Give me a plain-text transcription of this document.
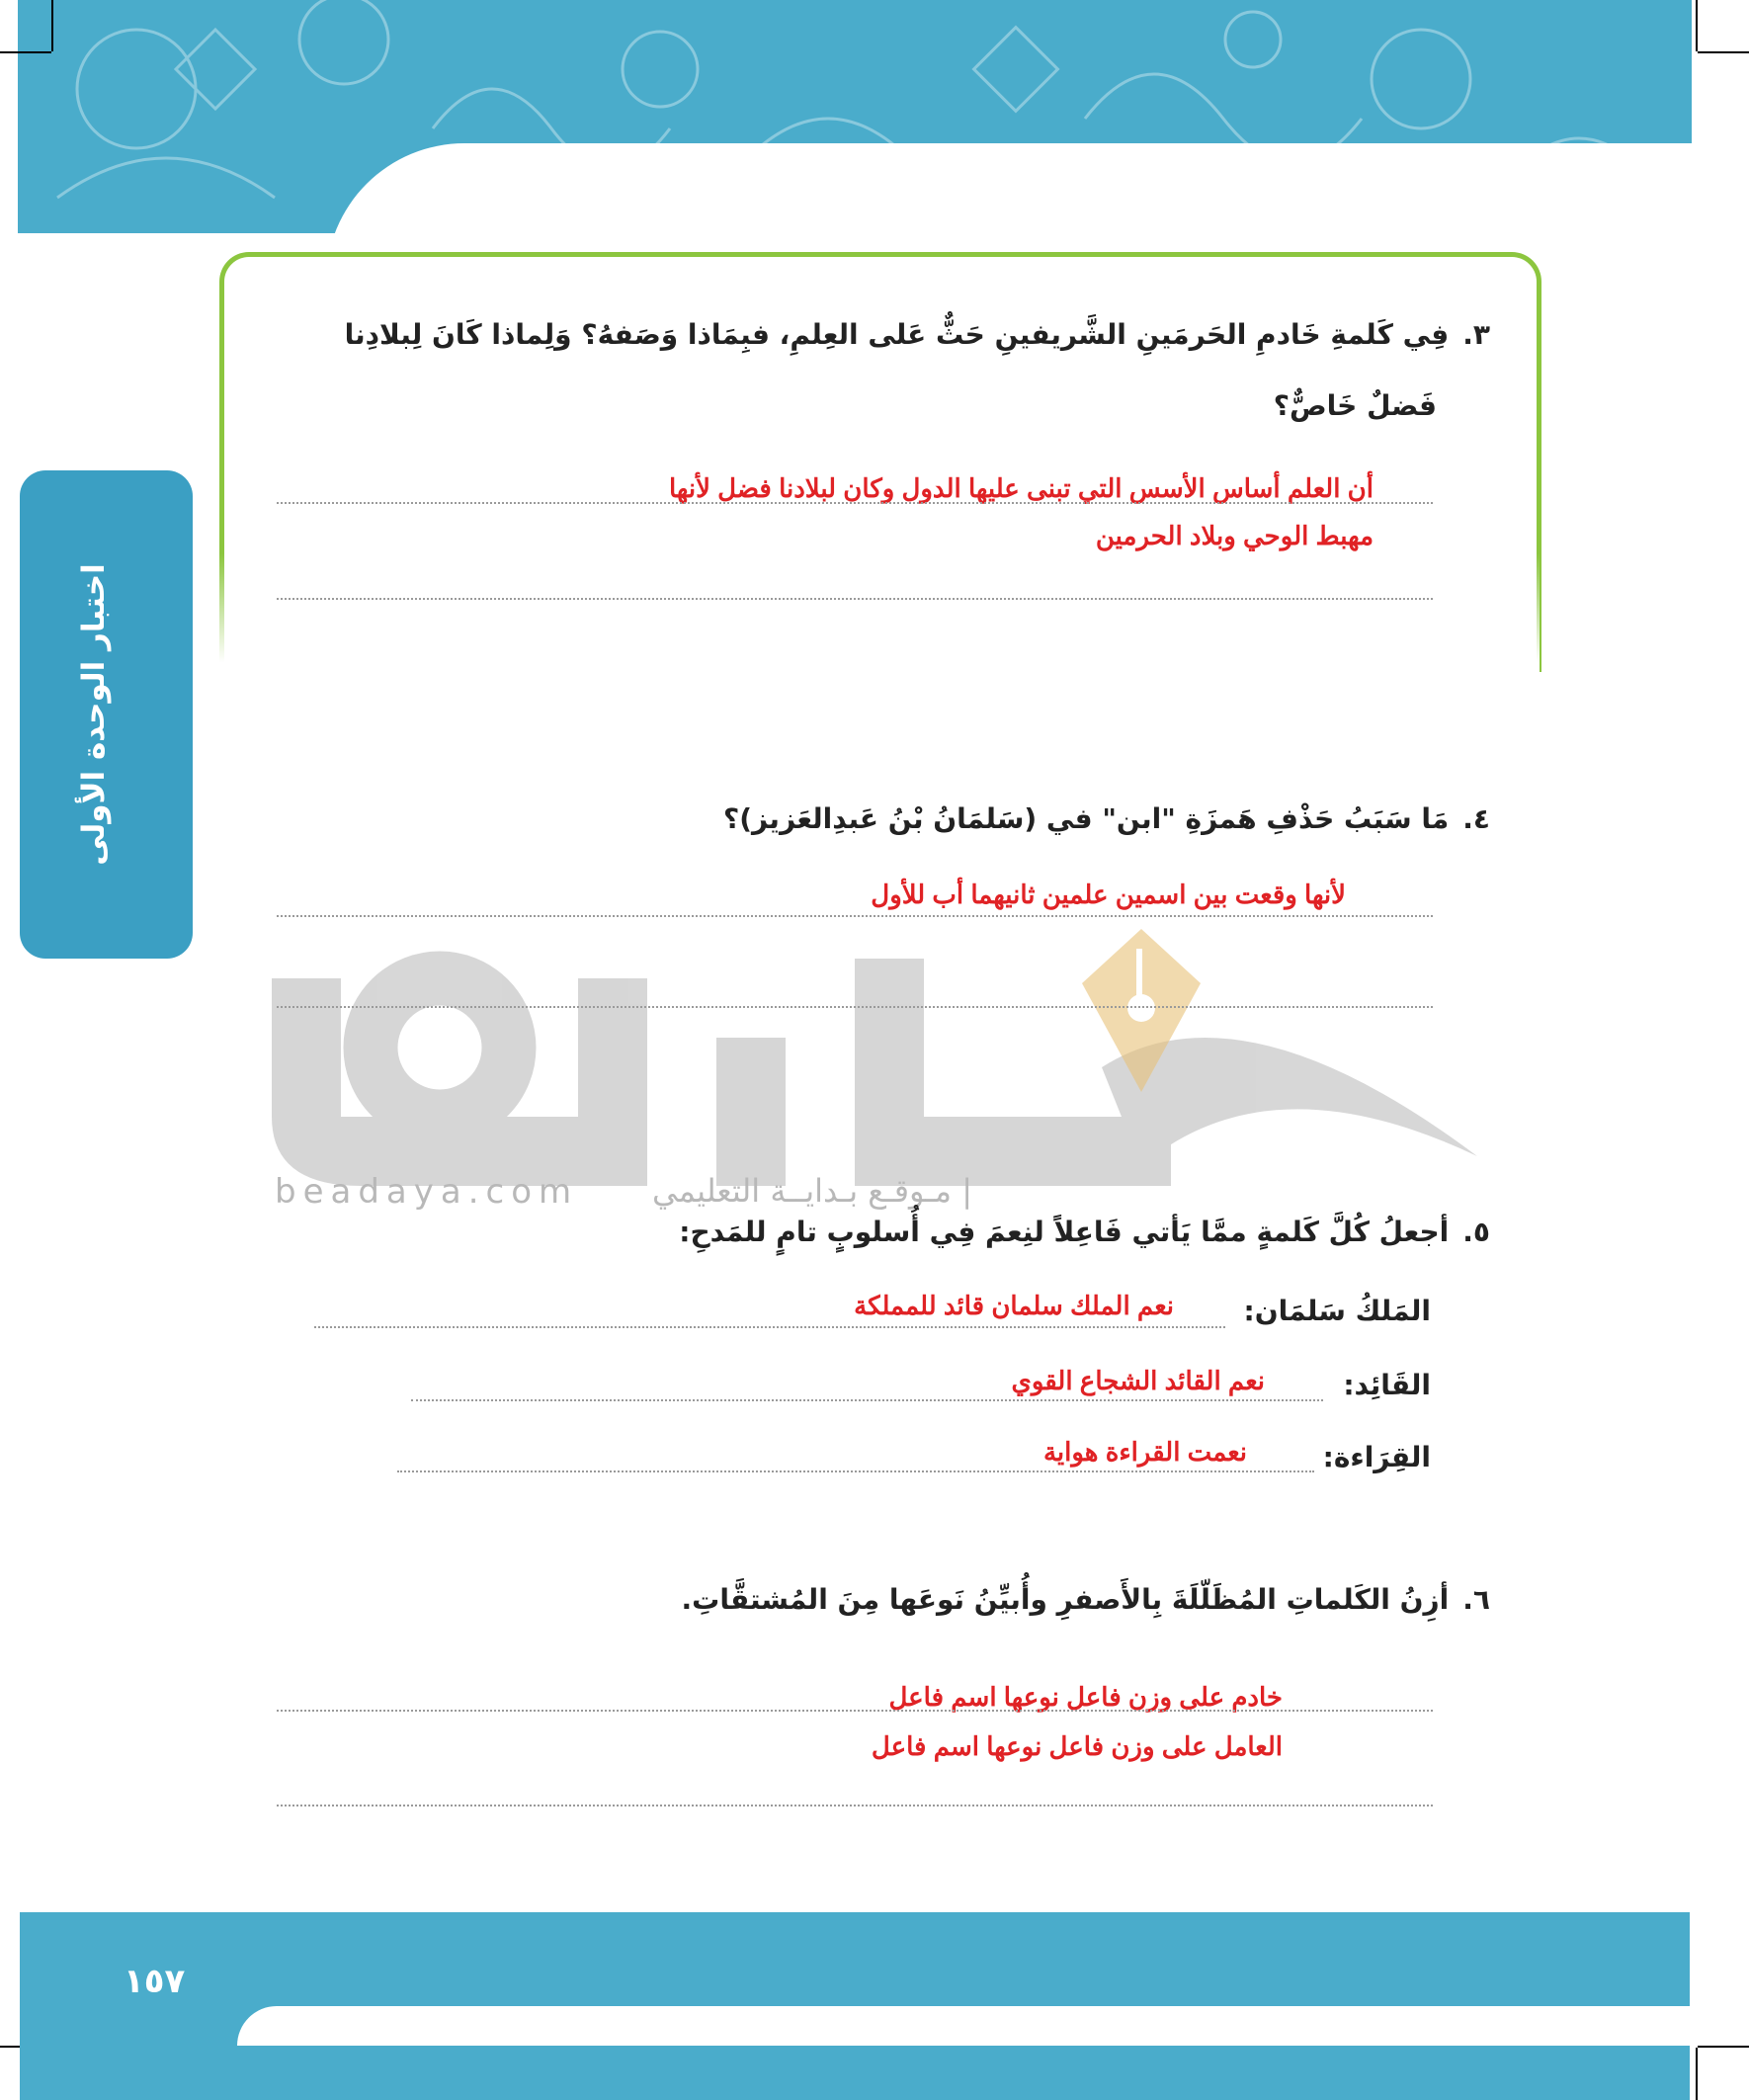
اختبار الوحدة الأولى
beadaya.com | مـوقـع بـدايــة التعليمي
٣.فِي كَلمةِ خَادمِ الحَرمَينِ الشَّريفينِ حَثٌّ عَلى العِلمِ، فبِمَاذا وَصَفهُ؟ وَلِماذا كَانَ لِبلادِنا
فَضلٌ خَاصٌّ؟
أن العلم أساس الأسس التي تبنى عليها الدول وكان لبلادنا فضل لأنها
مهبط الوحي وبلاد الحرمين
٤.مَا سَبَبُ حَذْفِ هَمزَةِ "ابن" في (سَلمَانُ بْنُ عَبدِالعَزيز)؟
لأنها وقعت بين اسمين علمين ثانيهما أب للأول
٥.أجعلُ كُلَّ كَلمةٍ ممَّا يَأتي فَاعِلاً لنِعمَ فِي أُسلوبٍ تامٍ للمَدحِ:
المَلكُ سَلمَان:
نعم الملك سلمان قائد للمملكة
القَائِد:
نعم القائد الشجاع القوي
القِرَاءة:
نعمت القراءة هواية
٦.أزِنُ الكَلماتِ المُظَلّلَةَ بِالأَصفرِ وأُبيِّنُ نَوعَها مِنَ المُشتقَّاتِ.
خادم على وزن فاعل نوعها اسم فاعل
العامل على وزن فاعل نوعها اسم فاعل
١٥٧
